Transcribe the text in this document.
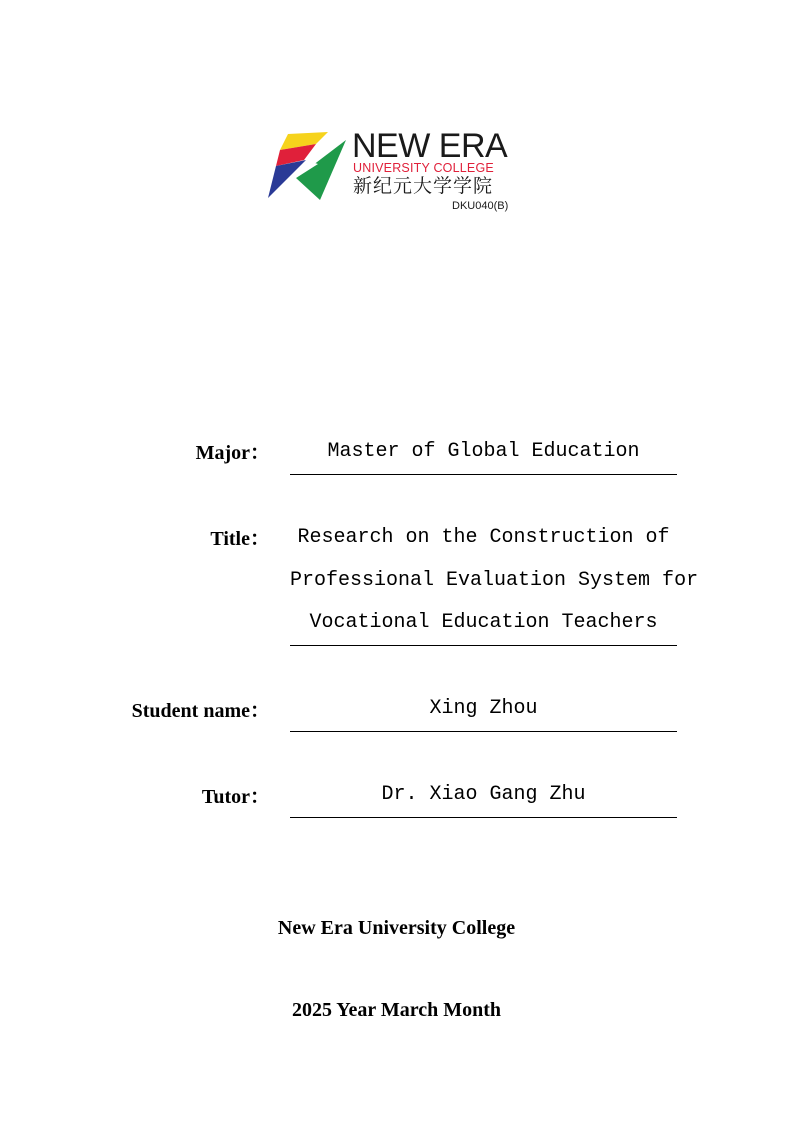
NEW ERA
UNIVERSITY COLLEGE
新纪元大学学院
DKU040(B)
Major：	Master of Global Education
Title：	Research on the Construction of
Professional Evaluation System for
Vocational Education Teachers
Student name：	Xing Zhou
Tutor：	Dr. Xiao Gang Zhu
New Era University College
2025 Year March Month
